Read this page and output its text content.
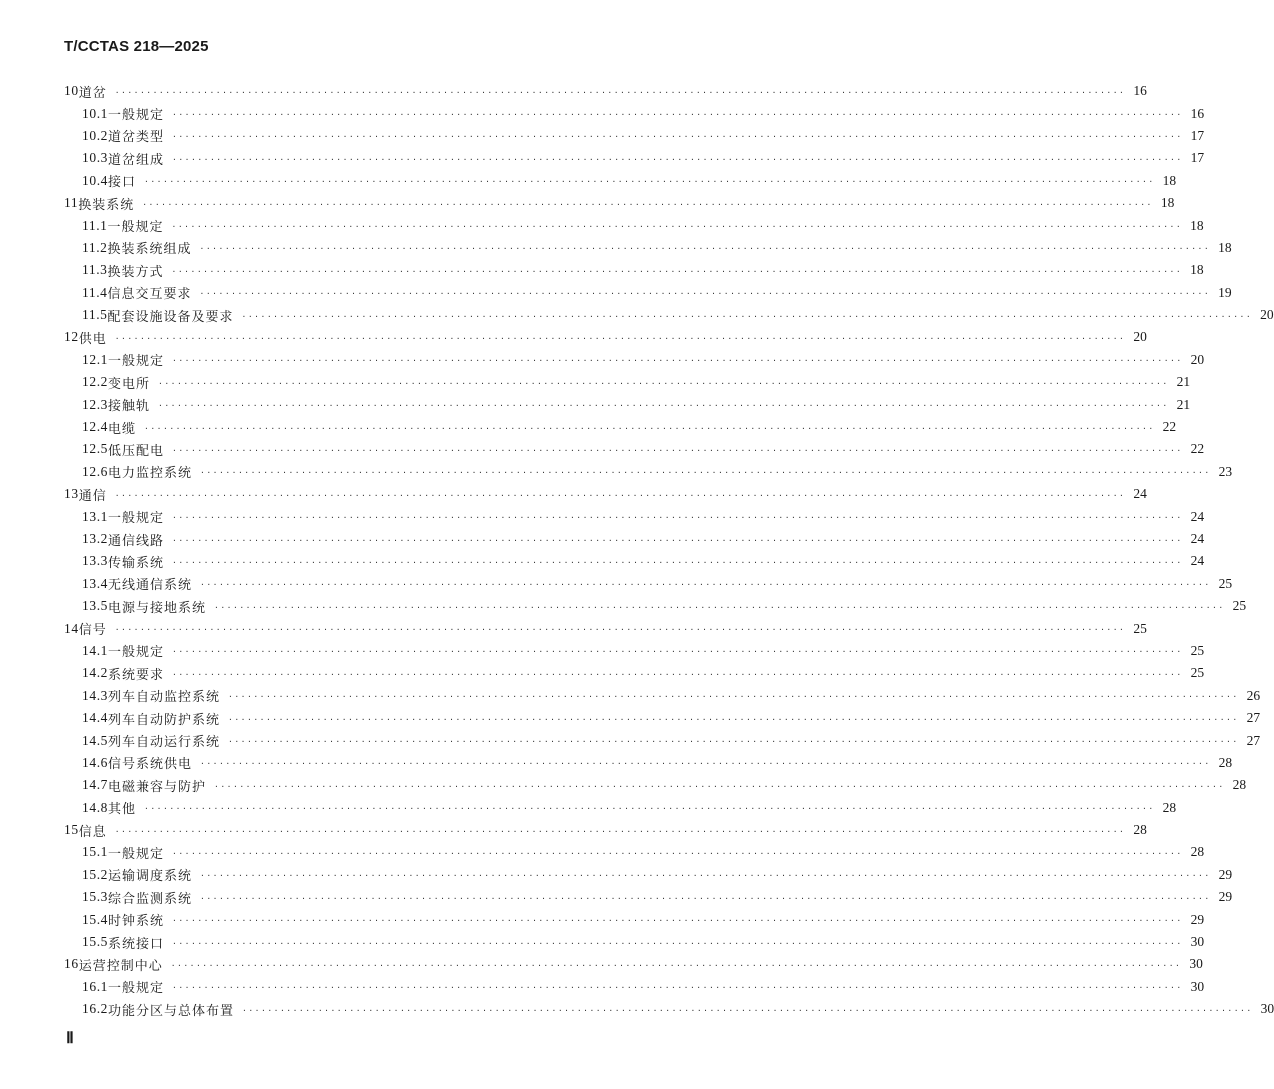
T/CCTAS 218—2025
10 道岔 ································································································································································ 16
10.1 一般规定 ································································································································································ 16
10.2 道岔类型 ································································································································································ 17
10.3 道岔组成 ································································································································································ 17
10.4 接口 ································································································································································ 18
11 换装系统 ································································································································································ 18
11.1 一般规定 ································································································································································ 18
11.2 换装系统组成 ································································································································································ 18
11.3 换装方式 ································································································································································ 18
11.4 信息交互要求 ································································································································································ 19
11.5 配套设施设备及要求 ································································································································································ 20
12 供电 ································································································································································ 20
12.1 一般规定 ································································································································································ 20
12.2 变电所 ································································································································································ 21
12.3 接触轨 ································································································································································ 21
12.4 电缆 ································································································································································ 22
12.5 低压配电 ································································································································································ 22
12.6 电力监控系统 ································································································································································ 23
13 通信 ································································································································································ 24
13.1 一般规定 ································································································································································ 24
13.2 通信线路 ································································································································································ 24
13.3 传输系统 ································································································································································ 24
13.4 无线通信系统 ································································································································································ 25
13.5 电源与接地系统 ································································································································································ 25
14 信号 ································································································································································ 25
14.1 一般规定 ································································································································································ 25
14.2 系统要求 ································································································································································ 25
14.3 列车自动监控系统 ································································································································································ 26
14.4 列车自动防护系统 ································································································································································ 27
14.5 列车自动运行系统 ································································································································································ 27
14.6 信号系统供电 ································································································································································ 28
14.7 电磁兼容与防护 ································································································································································ 28
14.8 其他 ································································································································································ 28
15 信息 ································································································································································ 28
15.1 一般规定 ································································································································································ 28
15.2 运输调度系统 ································································································································································ 29
15.3 综合监测系统 ································································································································································ 29
15.4 时钟系统 ································································································································································ 29
15.5 系统接口 ································································································································································ 30
16 运营控制中心 ································································································································································ 30
16.1 一般规定 ································································································································································ 30
16.2 功能分区与总体布置 ································································································································································ 30
Ⅱ
